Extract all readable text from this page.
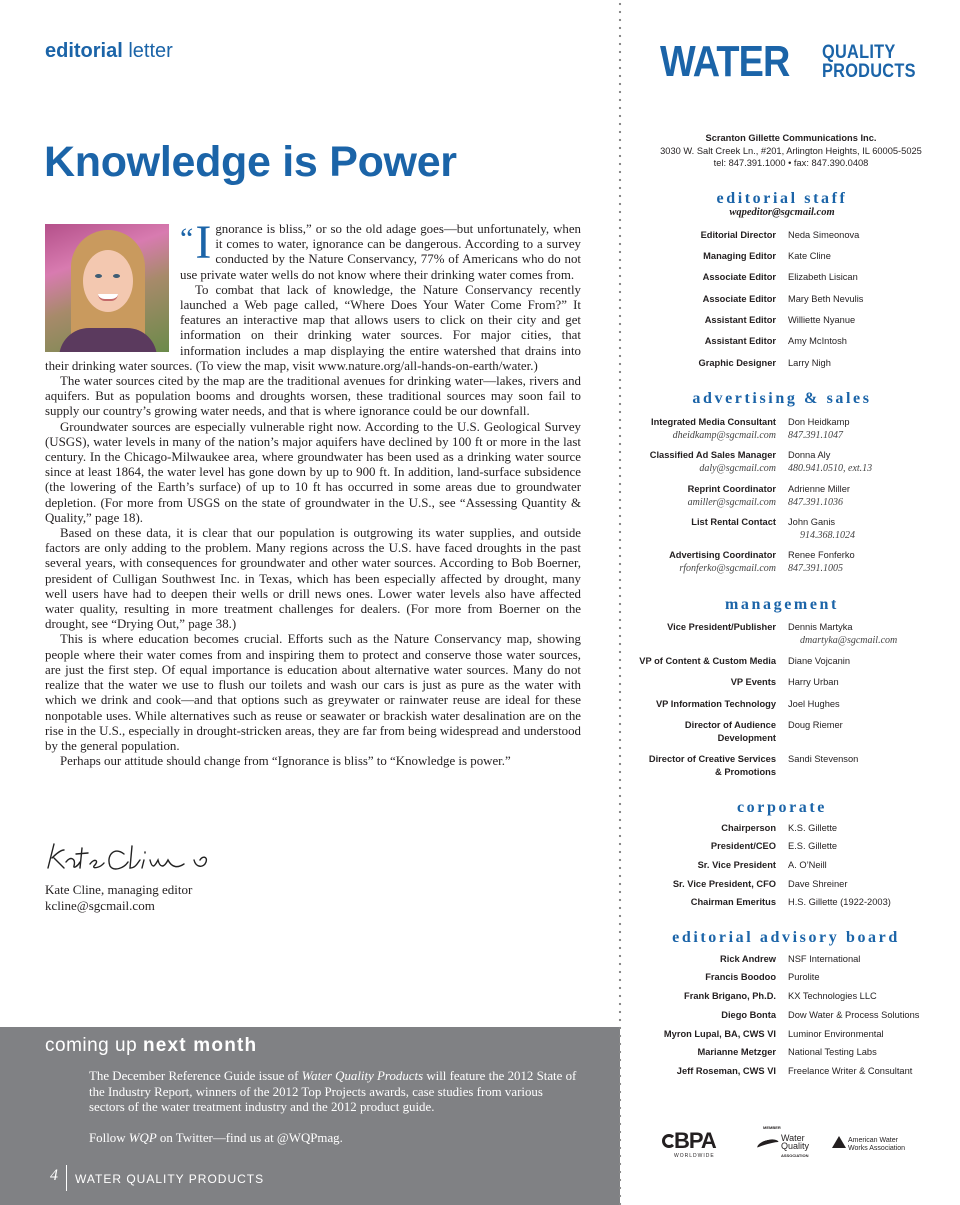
editorial letter
Knowledge is Power
“I gnorance is bliss,” or so the old adage goes—but unfortunately, when it comes to water, ignorance can be dangerous. According to a survey conducted by the Nature Conservancy, 77% of Americans who do not use private water wells do not know where their drinking water comes from.

To combat that lack of knowledge, the Nature Conservancy recently launched a Web page called, “Where Does Your Water Come From?” It features an interactive map that allows users to click on their city and get information on their drinking water sources. For major cities, that information includes a map displaying the entire watershed that drains into their drinking water sources. (To view the map, visit www.nature.org/all-hands-on-earth/water.)

The water sources cited by the map are the traditional avenues for drinking water—lakes, rivers and aquifers. But as population booms and droughts worsen, these traditional sources may soon fail to supply our country’s growing water needs, and that is where ignorance could be our downfall.

Groundwater sources are especially vulnerable right now. According to the U.S. Geological Survey (USGS), water levels in many of the nation’s major aquifers have declined by 100 ft or more in the last century. In the Chicago-Milwaukee area, where groundwater has been used as a drinking water source since at least 1864, the water level has gone down by up to 900 ft. In addition, land-surface subsidence (the lowering of the Earth’s surface) of up to 10 ft has occurred in some areas due to groundwater depletion. (For more from USGS on the state of groundwater in the U.S., see “Assessing Quantity & Quality,” page 18).

Based on these data, it is clear that our population is outgrowing its water supplies, and outside factors are only adding to the problem. Many regions across the U.S. have faced droughts in the past several years, with consequences for groundwater and other water sources. According to Bob Boerner, president of Culligan Southwest Inc. in Texas, which has been especially affected by drought, many well users have had to deepen their wells or drill news ones. Lower water levels also have affected water quality, resulting in more treatment challenges for dealers. (For more from Boerner on the drought, see “Drying Out,” page 38.)

This is where education becomes crucial. Efforts such as the Nature Conservancy map, showing people where their water comes from and inspiring them to protect and conserve those water sources, are just the first step. Of equal importance is education about alternative water sources. Many do not realize that the water we use to flush our toilets and wash our cars is just as pure as the water with which we drink and cook—and that options such as greywater or rainwater reuse are ideal for these nonpotable uses. While alternatives such as reuse or seawater or brackish water desalination are on the rise in the U.S., especially in drought-stricken areas, they are far from being widespread and understood by the general population.

Perhaps our attitude should change from “Ignorance is bliss” to “Knowledge is power.”

Kate Cline, managing editor
kcline@sgcmail.com
coming up next month

The December Reference Guide issue of Water Quality Products will feature the 2012 State of the Industry Report, winners of the 2012 Top Projects awards, case studies from various sectors of the water treatment industry and the 2012 product guide.

Follow WQP on Twitter—find us at @WQPmag.

4 WATER QUALITY PRODUCTS
WATER QUALITY
PRODUCTS
Scranton Gillette Communications Inc.
3030 W. Salt Creek Ln., #201, Arlington Heights, IL 60005-5025
tel: 847.391.1000 • fax: 847.390.0408
editorial staff
wqpeditor@sgcmail.com
Editorial Director Neda Simeonova
Managing Editor Kate Cline
Associate Editor Elizabeth Lisican
Associate Editor Mary Beth Nevulis
Assistant Editor Williette Nyanue
Assistant Editor Amy McIntosh
Graphic Designer Larry Nigh
advertising & sales
Integrated Media Consultant
dheidkamp@sgcmail.com
Don Heidkamp
847.391.1047
Classified Ad Sales Manager
daly@sgcmail.com
Donna Aly
480.941.0510, ext.13
Reprint Coordinator
amiller@sgcmail.com
Adrienne Miller
847.391.1036
List Rental Contact John Ganis
914.368.1024
Advertising Coordinator
rfonferko@sgcmail.com
Renee Fonferko
847.391.1005
management
Vice President/Publisher Dennis Martyka
dmartyka@sgcmail.com
VP of Content & Custom Media Diane Vojcanin
VP Events Harry Urban
VP Information Technology Joel Hughes
Director of Audience
Development
Doug Riemer
Director of Creative Services
& Promotions
Sandi Stevenson
corporate
Chairperson K.S. Gillette
President/CEO E.S. Gillette
Sr. Vice President A. O’Neill
Sr. Vice President, CFO Dave Shreiner
Chairman Emeritus H.S. Gillette (1922-2003)
editorial advisory board
Rick Andrew NSF International
Francis Boodoo Purolite
Frank Brigano, Ph.D. KX Technologies LLC
Diego Bonta Dow Water & Process Solutions
Myron Lupal, BA, CWS VI Luminor Environmental
Marianne Metzger National Testing Labs
Jeff Roseman, CWS VI Freelance Writer & Consultant
BPA
WORLDWIDE
MEMBER
Water Quality
ASSOCIATION
American Water
Works Association
